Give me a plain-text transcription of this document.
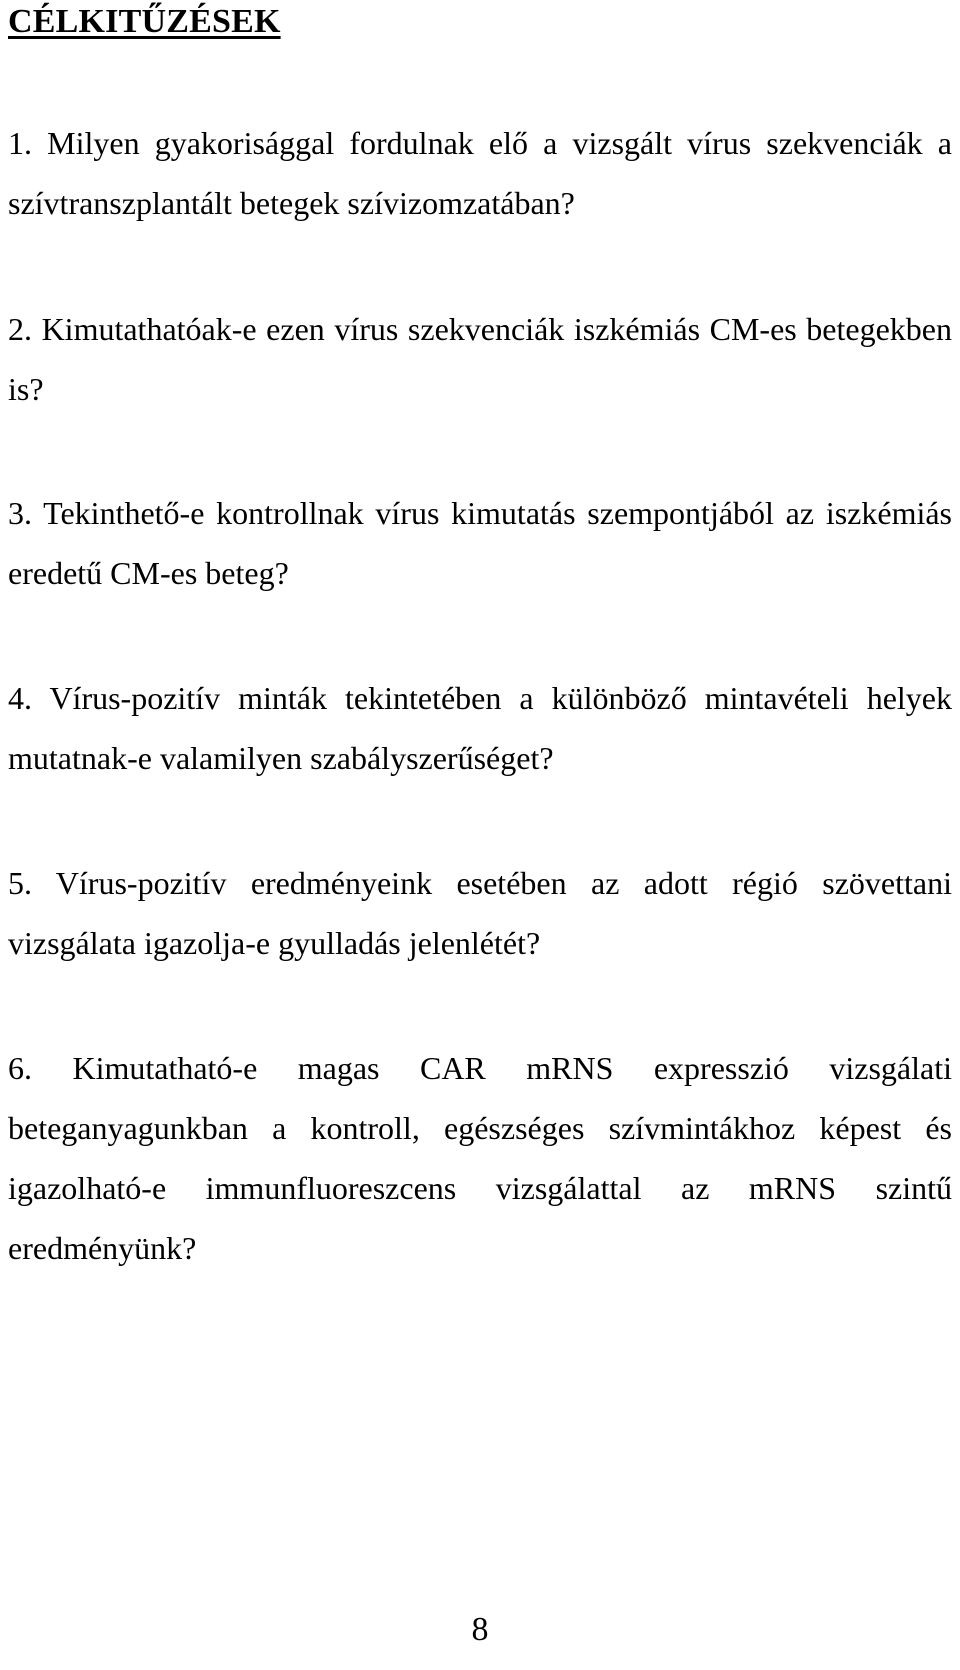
CÉLKITŰZÉSEK

1. Milyen gyakorisággal fordulnak elő a vizsgált vírus szekvenciák a szívtranszplantált betegek szívizomzatában?

2. Kimutathatóak-e ezen vírus szekvenciák iszkémiás CM-es betegekben is?

3. Tekinthető-e kontrollnak vírus kimutatás szempontjából az iszkémiás eredetű CM-es beteg?

4. Vírus-pozitív minták tekintetében a különböző mintavételi helyek mutatnak-e valamilyen szabályszerűséget?

5. Vírus-pozitív eredményeink esetében az adott régió szövettani vizsgálata igazolja-e gyulladás jelenlétét?

6. Kimutatható-e magas CAR mRNS expresszió vizsgálati beteganyagunkban a kontroll, egészséges szívmintákhoz képest és igazolható-e immunfluoreszcens vizsgálattal az mRNS szintű eredményünk?

8
